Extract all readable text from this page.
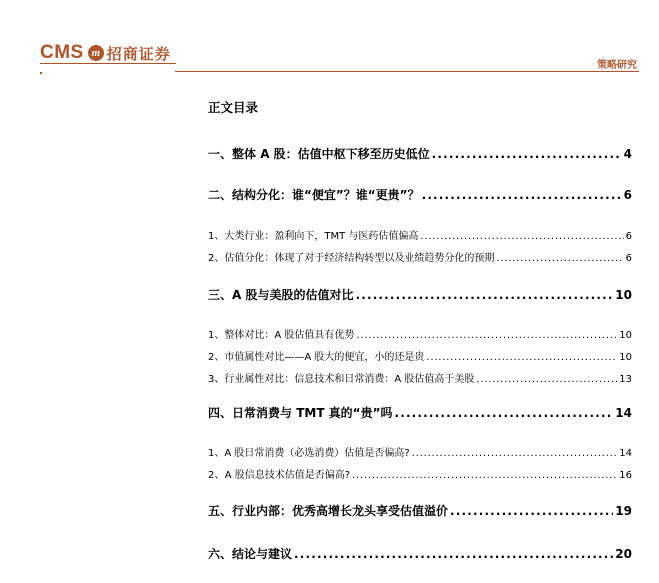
CMS m 招商证券
策略研究
正文目录
一、 整体 A 股：估值中枢下移至历史低位 . . .	4
二、 结构分化：谁“便宜”？谁“更贵”？ . . .	6
1、 大类行业：盈利向下，TMT 与医药估值偏高 . . .	6
2、 估值分化：体现了对于经济结构转型以及业绩趋势分化的预期 . . .	6
三、 A 股与美股的估值对比 . . .	10
1、 整体对比：A 股估值具有优势 . . .	10
2、 市值属性对比——A 股大的便宜，小的还是贵 . . .	10
3、 行业属性对比：信息技术和日常消费：A 股估值高于美股 . . .	13
四、 日常消费与 TMT 真的“贵”吗 . . .	14
1、 A 股日常消费（必选消费）估值是否偏高? . . .	14
2、 A 股信息技术估值是否偏高? . . .	16
五、 行业内部：优秀高增长龙头享受估值溢价 . . .	19
六、 结论与建议 . . .	20
